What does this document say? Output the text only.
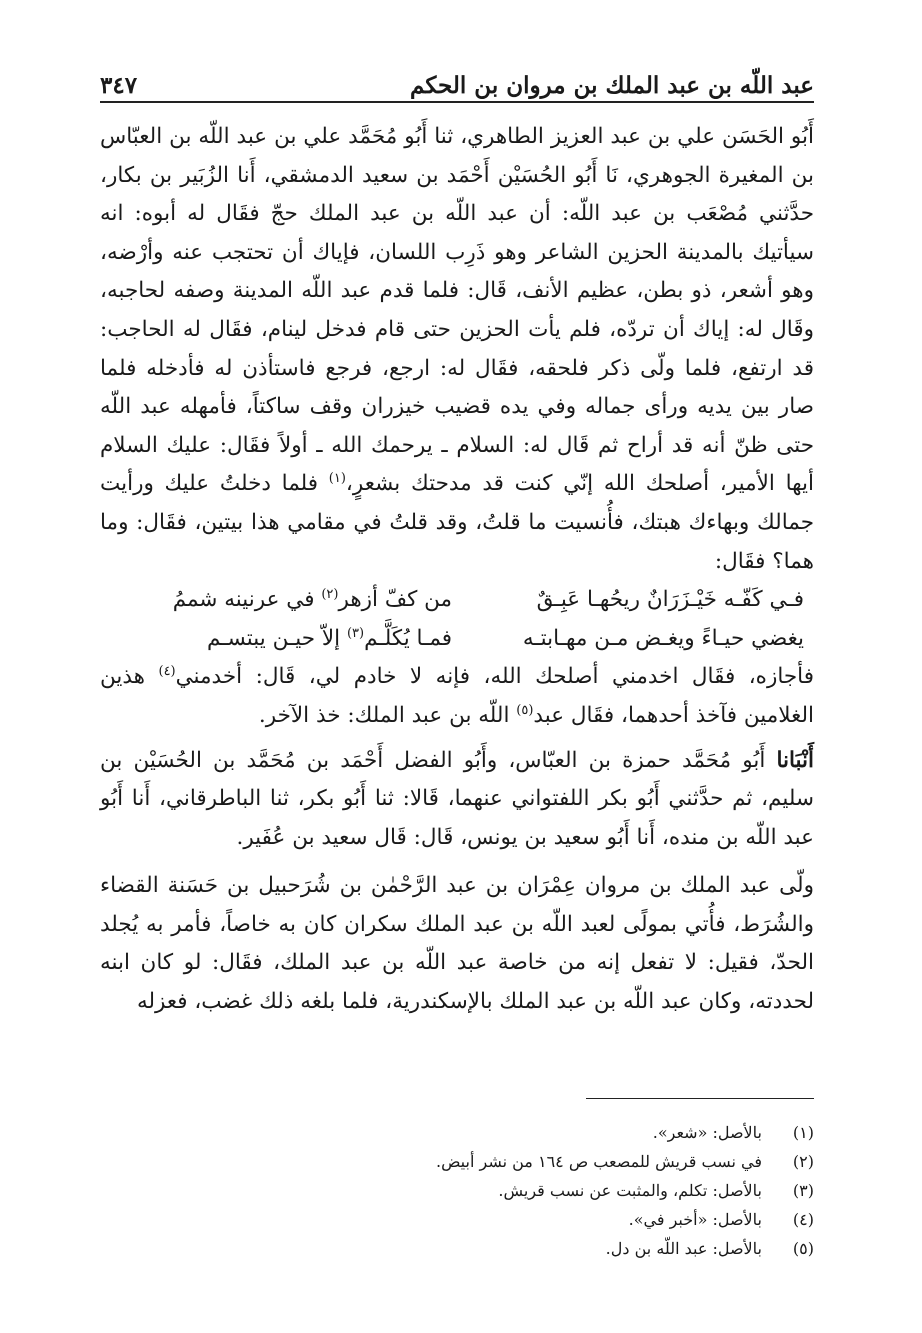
عبد اللّه بن عبد الملك بن مروان بن الحكم
٣٤٧

أَبُو الحَسَن علي بن عبد العزيز الطاهري، ثنا أَبُو مُحَمَّد علي بن عبد اللّه بن العبّاس بن المغيرة الجوهري، نَا أَبُو الحُسَيْن أَحْمَد بن سعيد الدمشقي، أَنا الزُبَير بن بكار، حدَّثني مُصْعَب بن عبد اللّه: أن عبد اللّه بن عبد الملك حجّ فقَال له أبوه: انه سيأتيك بالمدينة الحزين الشاعر وهو ذَرِب اللسان، فإياك أن تحتجب عنه وأرْضه، وهو أشعر، ذو بطن، عظيم الأنف، قَال: فلما قدم عبد اللّه المدينة وصفه لحاجبه، وقَال له: إياك أن تردّه، فلم يأت الحزين حتى قام فدخل لينام، فقَال له الحاجب: قد ارتفع، فلما ولّى ذكر فلحقه، فقَال له: ارجع، فرجع فاستأذن له فأدخله فلما صار بين يديه ورأى جماله وفي يده قضيب خيزران وقف ساكتاً، فأمهله عبد اللّه حتى ظنّ أنه قد أراح ثم قَال له: السلام ـ يرحمك الله ـ أولاً فقَال: عليك السلام أيها الأمير، أصلحك الله إنّي كنت قد مدحتك بشعرٍ،$^{(١)}$ فلما دخلتُ عليك ورأيت جمالك وبهاءك هبتك، فأُنسيت ما قلتُ، وقد قلتُ في مقامي هذا بيتين، فقَال: وما هما؟ فقَال:

فـي كَفّـه خَيْـزَرَانٌ ريحُهـا عَبِـقٌ
من كفّ أزهر$^{(٢)}$ في عرنينه شممُ
يغضي حيـاءً ويغـض مـن مهـابتـه
فمـا يُكَلَّـم$^{(٣)}$ إلاّ حيـن يبتسـم

فأجازه، فقَال اخدمني أصلحك الله، فإنه لا خادم لي، قَال: أخدمني$^{(٤)}$ هذين الغلامين فآخذ أحدهما، فقَال عبد$^{(٥)}$ اللّه بن عبد الملك: خذ الآخر.

أَنْبَانا أَبُو مُحَمَّد حمزة بن العبّاس، وأَبُو الفضل أَحْمَد بن مُحَمَّد بن الحُسَيْن بن سليم، ثم حدَّثني أَبُو بكر اللفتواني عنهما، قَالا: ثنا أَبُو بكر، ثنا الباطرقاني، أَنا أَبُو عبد اللّه بن منده، أَنا أَبُو سعيد بن يونس، قَال: قَال سعيد بن عُفَير.

ولّى عبد الملك بن مروان عِمْرَان بن عبد الرَّحْمٰن بن شُرَحبيل بن حَسَنة القضاء والشُرَط، فأُتي بمولًى لعبد اللّه بن عبد الملك سكران كان به خاصاً، فأمر به يُجلد الحدّ، فقيل: لا تفعل إنه من خاصة عبد اللّه بن عبد الملك، فقَال: لو كان ابنه لحددته، وكان عبد اللّه بن عبد الملك بالإسكندرية، فلما بلغه ذلك غضب، فعزله

(١)
بالأصل: «شعر».
(٢)
في نسب قريش للمصعب ص ١٦٤ من نشر أبيض.
(٣)
بالأصل: تكلم، والمثبت عن نسب قريش.
(٤)
بالأصل: «أخبر في».
(٥)
بالأصل: عبد اللّه بن دل.
